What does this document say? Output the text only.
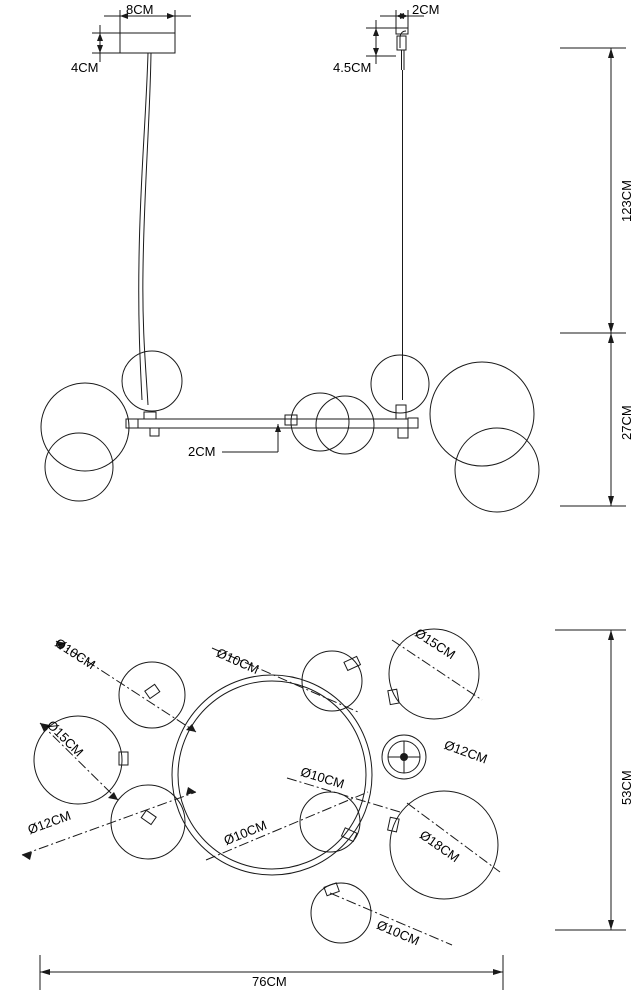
8CM
4CM
2CM
4.5CM
123CM
27CM
2CM
Ø10CM	Ø10CM	Ø15CM
Ø15CM
Ø12CM
Ø12CM
Ø10CM
Ø10CM	Ø18CM
Ø10CM
53CM
76CM
